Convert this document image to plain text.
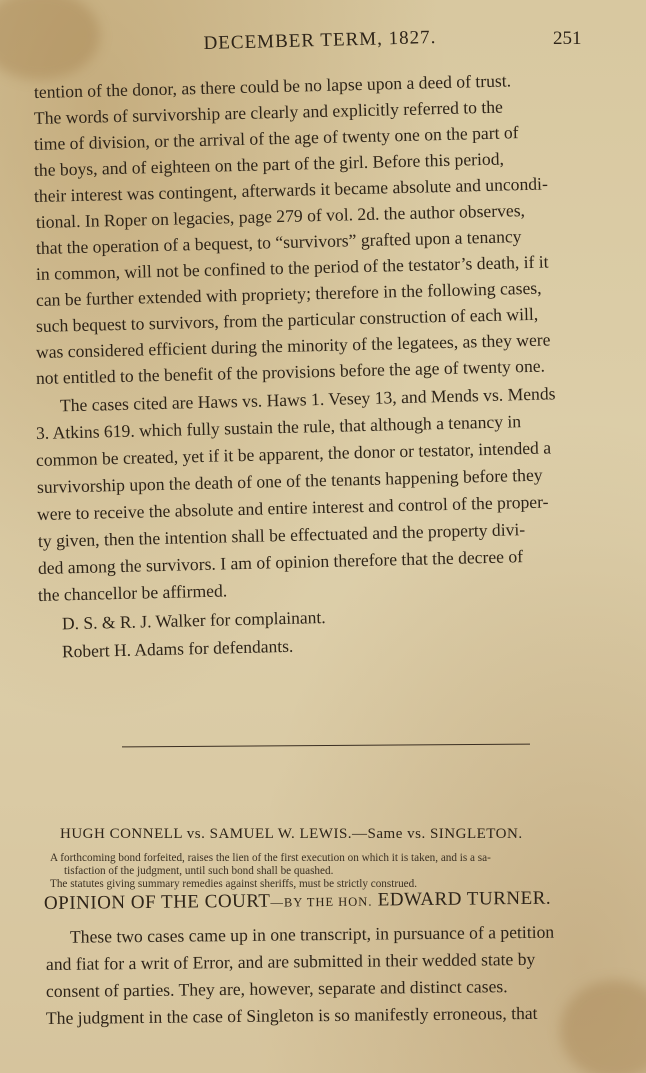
DECEMBER TERM, 1827.	251
tention of the donor, as there could be no lapse upon a deed of trust.
The words of survivorship are clearly and explicitly referred to the
time of division, or the arrival of the age of twenty one on the part of
the boys, and of eighteen on the part of the girl. Before this period,
their interest was contingent, afterwards it became absolute and uncondi-
tional. In Roper on legacies, page 279 of vol. 2d. the author observes,
that the operation of a bequest, to “survivors” grafted upon a tenancy
in common, will not be confined to the period of the testator’s death, if it
can be further extended with propriety; therefore in the following cases,
such bequest to survivors, from the particular construction of each will,
was considered efficient during the minority of the legatees, as they were
not entitled to the benefit of the provisions before the age of twenty one.
The cases cited are Haws vs. Haws 1. Vesey 13, and Mends vs. Mends
3. Atkins 619. which fully sustain the rule, that although a tenancy in
common be created, yet if it be apparent, the donor or testator, intended a
survivorship upon the death of one of the tenants happening before they
were to receive the absolute and entire interest and control of the proper-
ty given, then the intention shall be effectuated and the property divi-
ded among the survivors. I am of opinion therefore that the decree of
the chancellor be affirmed.
D. S. & R. J. Walker for complainant.
Robert H. Adams for defendants.
HUGH CONNELL vs. SAMUEL W. LEWIS.—Same vs. SINGLETON.
A forthcoming bond forfeited, raises the lien of the first execution on which it is taken, and is a sa-
tisfaction of the judgment, until such bond shall be quashed.
The statutes giving summary remedies against sheriffs, must be strictly construed.
OPINION OF THE COURT—BY THE HON. EDWARD TURNER.
These two cases came up in one transcript, in pursuance of a petition
and fiat for a writ of Error, and are submitted in their wedded state by
consent of parties. They are, however, separate and distinct cases.
The judgment in the case of Singleton is so manifestly erroneous, that
